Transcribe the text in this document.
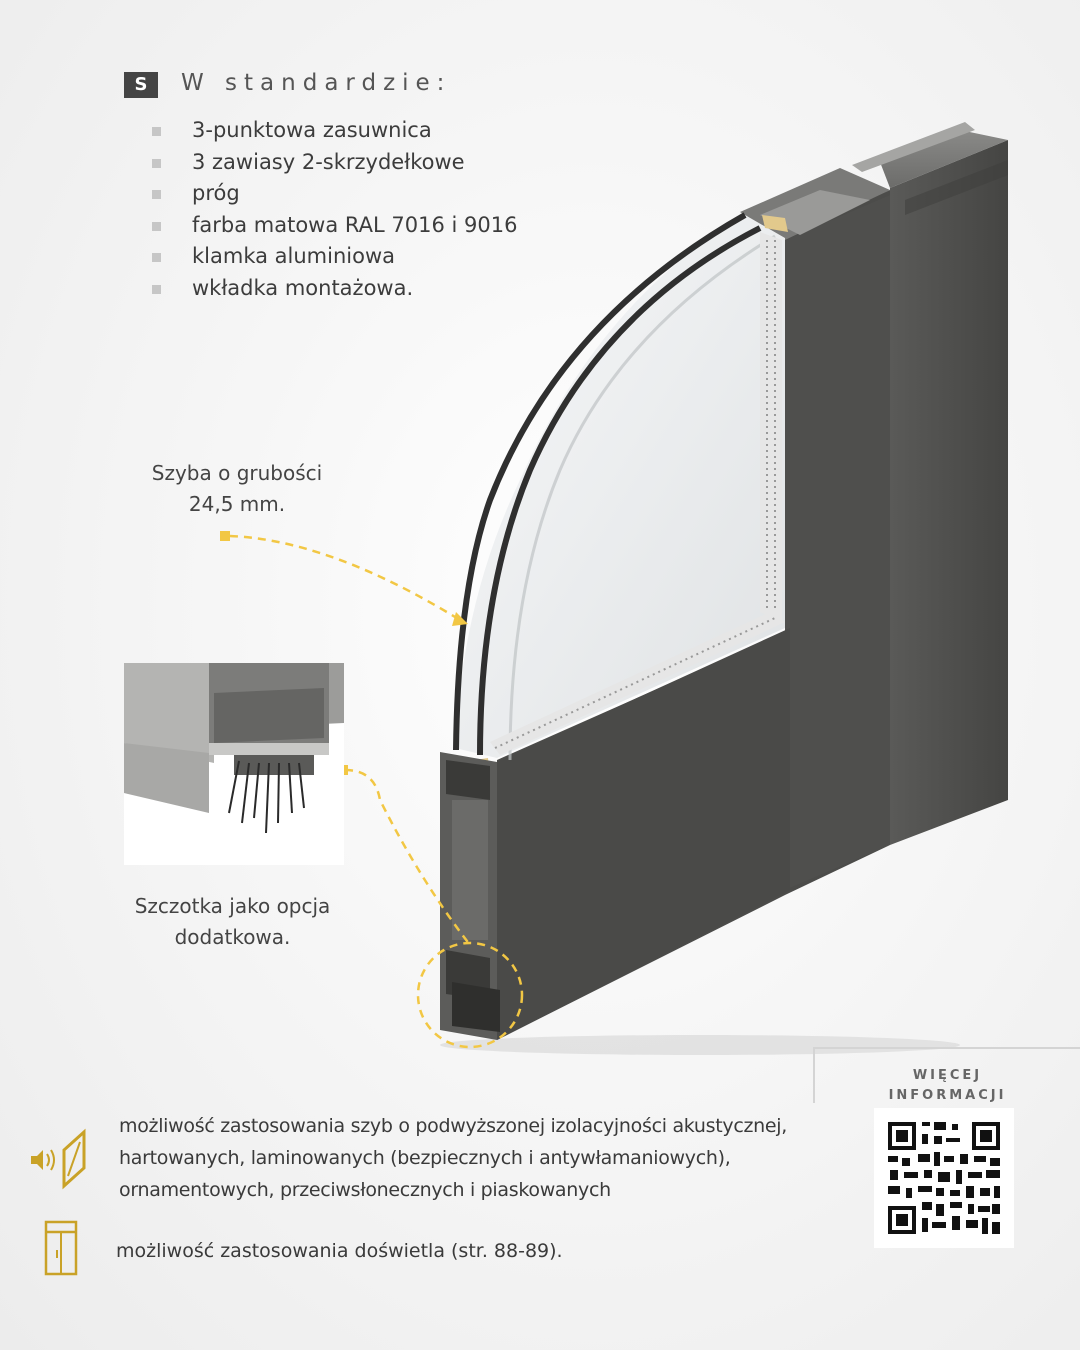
S	W standardzie:
3-punktowa zasuwnica
3 zawiasy 2-skrzydełkowe
próg
farba matowa RAL 7016 i 9016
klamka aluminiowa
wkładka montażowa.
Szyba o grubości
24,5 mm.
Szczotka jako opcja
dodatkowa.
możliwość zastosowania szyb o podwyższonej izolacyjności akustycznej,
hartowanych, laminowanych (bezpiecznych i antywłamaniowych),
ornamentowych, przeciwsłonecznych i piaskowanych
możliwość zastosowania doświetla (str. 88-89).
WIĘCEJ
INFORMACJI
